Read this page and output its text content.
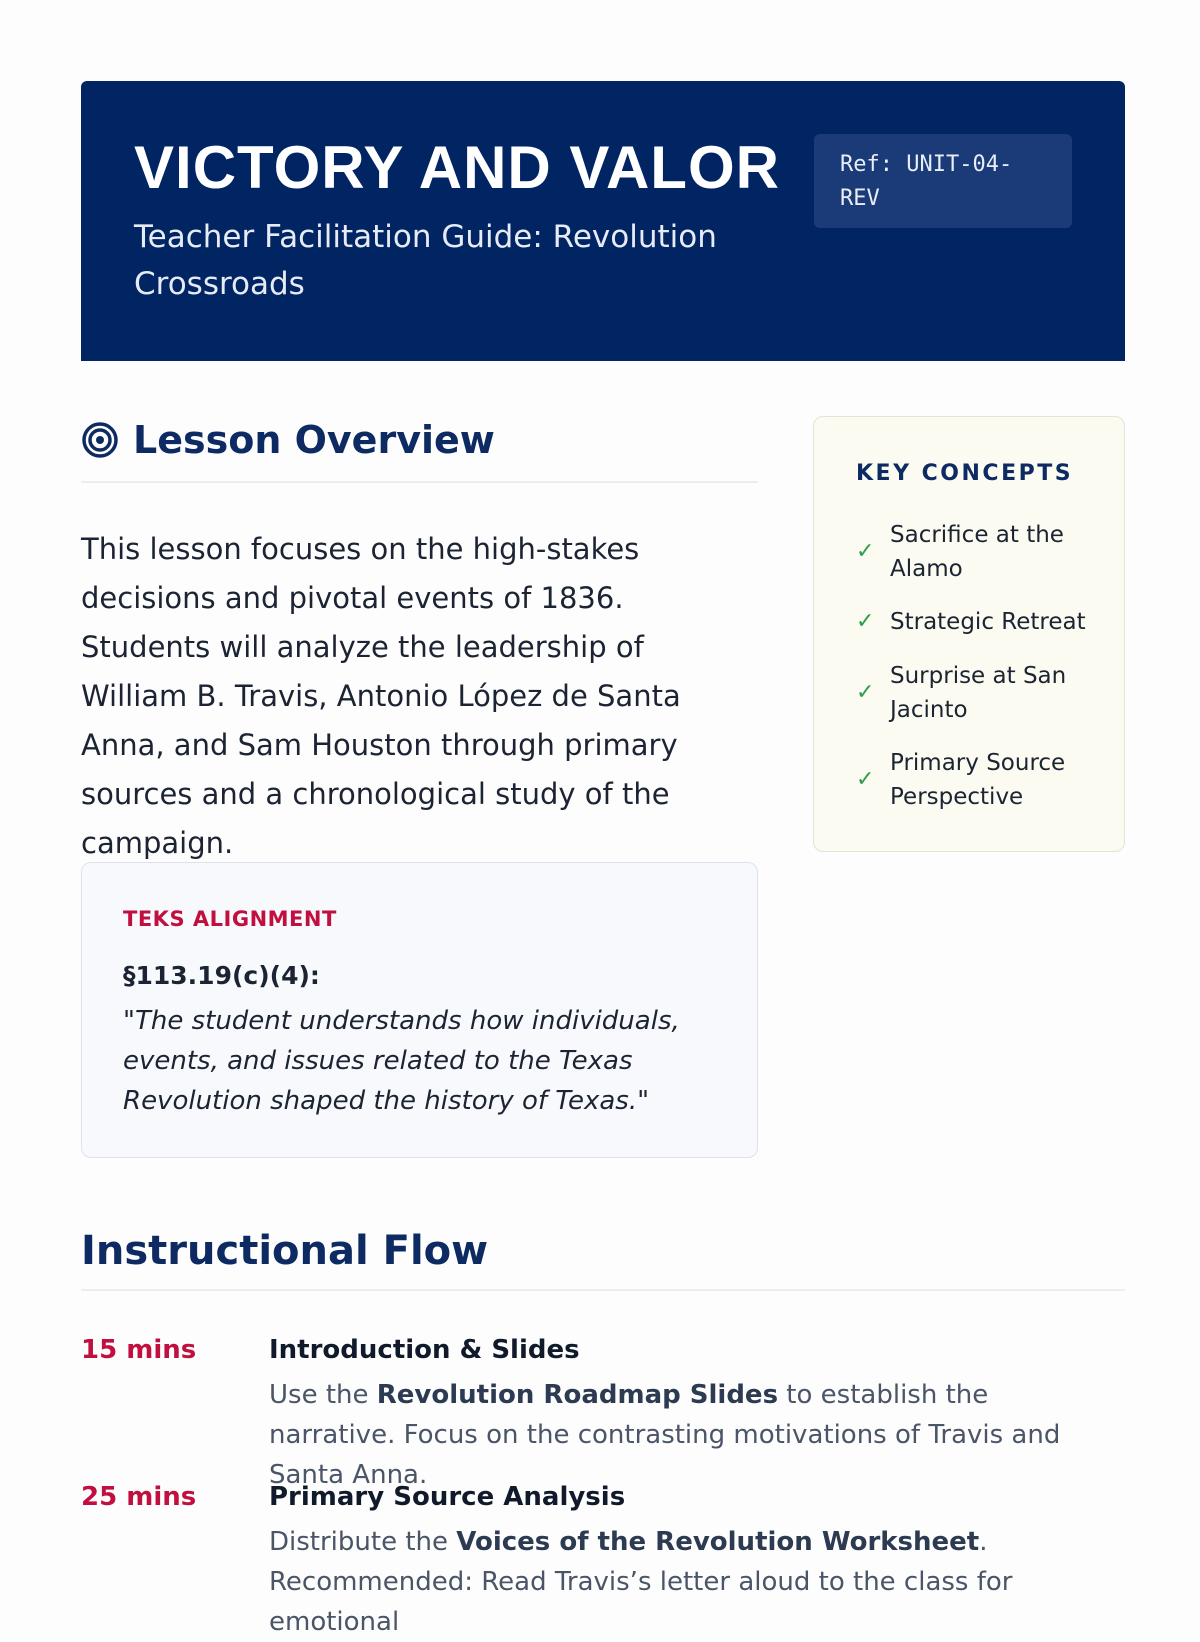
VICTORY AND VALOR

Teacher Facilitation Guide: Revolution Crossroads

Ref: UNIT-04-REV
Lesson Overview

This lesson focuses on the high-stakes decisions and pivotal events of 1836. Students will analyze the leadership of William B. Travis, Antonio López de Santa Anna, and Sam Houston through primary sources and a chronological study of the campaign.

TEKS ALIGNMENT

§113.19(c)(4):

"The student understands how individuals, events, and issues related to the Texas Revolution shaped the history of Texas."

KEY CONCEPTS

✓
Sacrifice at the Alamo
✓ Strategic Retreat
✓
Surprise at San Jacinto
✓
Primary Source Perspective
Instructional Flow
15 mins	Introduction & Slides

Use the Revolution Roadmap Slides to establish the narrative. Focus on the contrasting motivations of Travis and Santa Anna.

25 mins	Primary Source Analysis

Distribute the Voices of the Revolution Worksheet. Recommended: Read Travis’s letter aloud to the class for emotional
